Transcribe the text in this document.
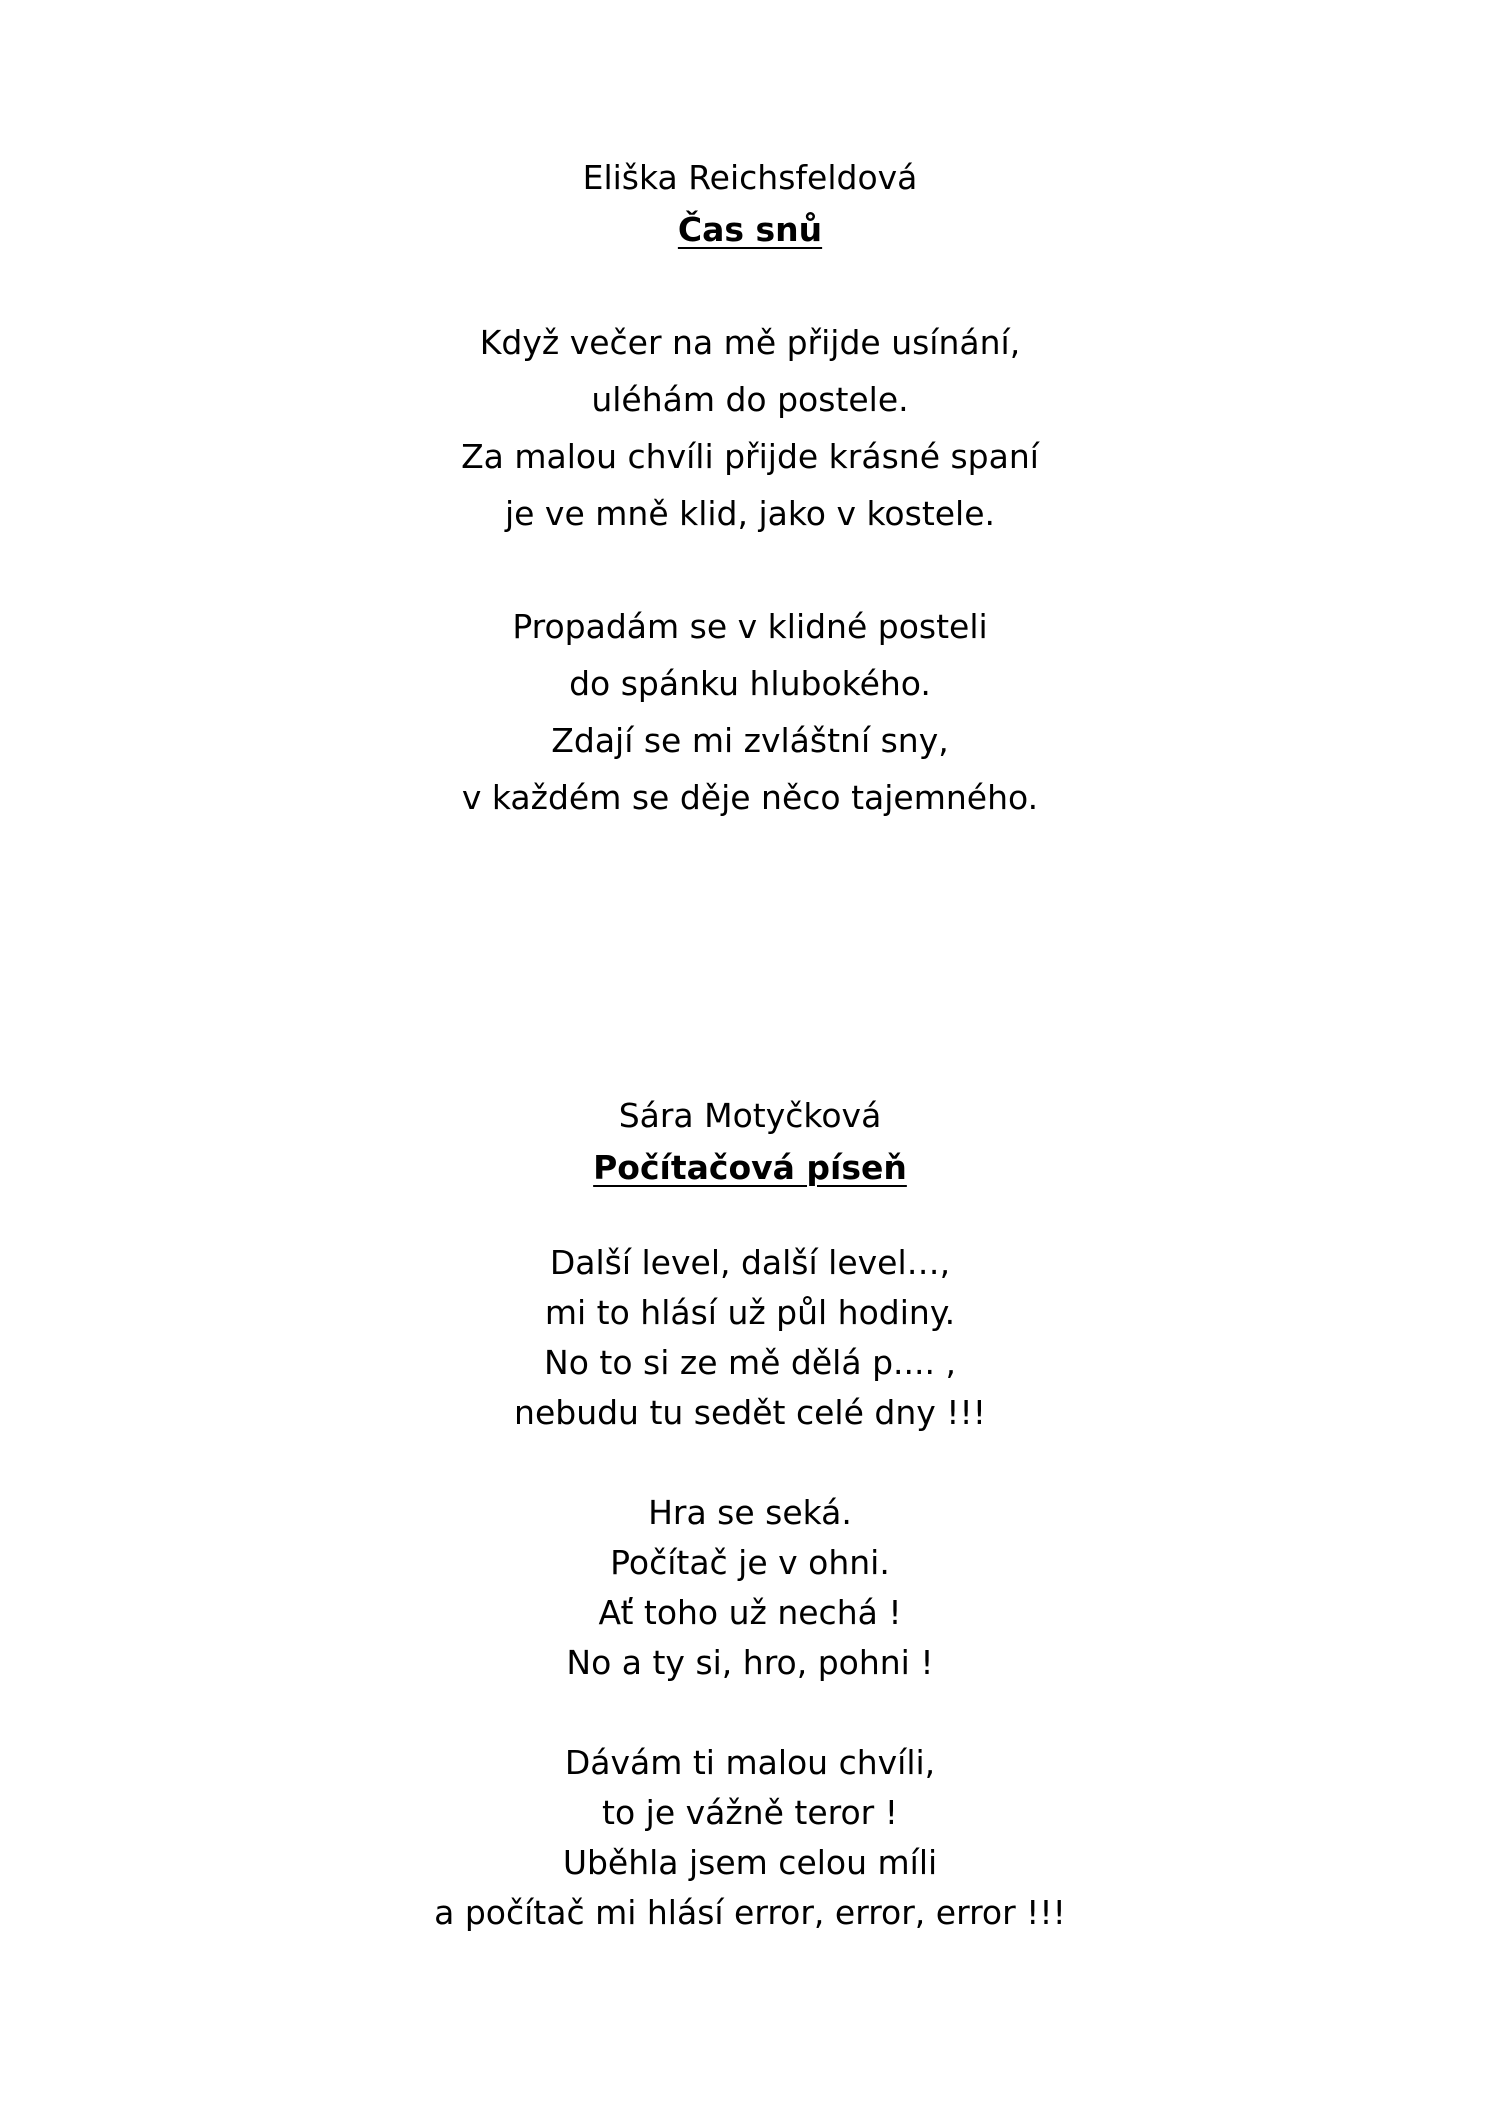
Eliška Reichsfeldová
Čas snů

Když večer na mě přijde usínání,
uléhám do postele.
Za malou chvíli přijde krásné spaní
je ve mně klid, jako v kostele.

Propadám se v klidné posteli
do spánku hlubokého.
Zdají se mi zvláštní sny,
v každém se děje něco tajemného.

Sára Motyčková
Počítačová píseň

Další level, další level…,
mi to hlásí už půl hodiny.
No to si ze mě dělá p.... ,
nebudu tu sedět celé dny !!!

Hra se seká.
Počítač je v ohni.
Ať toho už nechá !
No a ty si, hro, pohni !

Dávám ti malou chvíli,
to je vážně teror !
Uběhla jsem celou míli
a počítač mi hlásí error, error, error !!!
